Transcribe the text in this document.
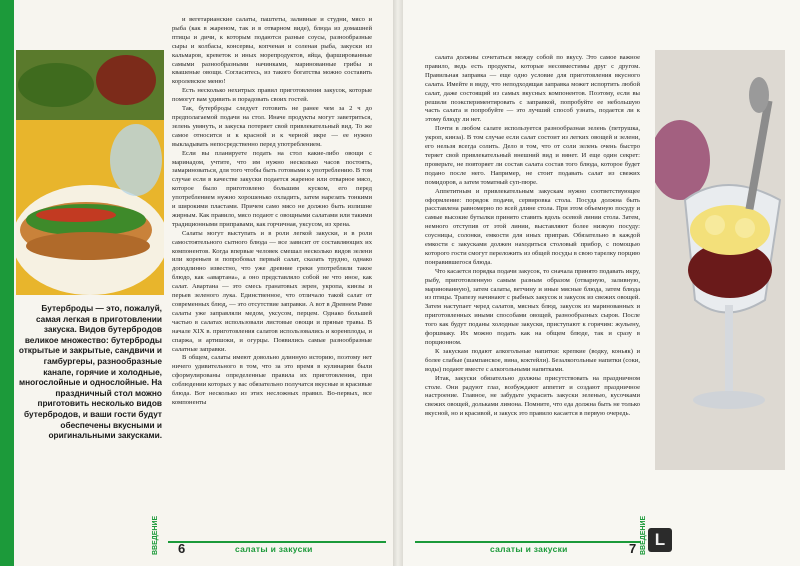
Бутерброды — это, пожалуй, самая легкая в приготовлении закуска. Видов бутербродов великое множество: бутерброды открытые и закрытые, сандвичи и гамбургеры, разнообразные канапе, горячие и холодные, многослойные и однослойные. На праздничный стол можно приготовить несколько видов бутербродов, и ваши гости будут обеспечены вкусными и оригинальными закусками.

и вегетарианские салаты, паштеты, заливные и студни, мясо и рыба (как в жареном, так и в отварном виде), блюда из домашней птицы и дичи, к которым подаются разные соусы, разнообразные сыры и колбасы, консервы, копченая и соленая рыба, закуски из кальмаров, креветок и иных морепродуктов, яйца, фаршированные самыми разнообразными начинками, маринованные грибы и квашеные овощи. Согласитесь, из такого богатства можно составить королевское меню!

Есть несколько нехитрых правил приготовления закусок, которые помогут вам удивить и порадовать своих гостей.

Так, бутерброды следует готовить не ранее чем за 2 ч до предполагаемой подачи на стол. Иначе продукты могут заветриться, зелень увянуть, и закуска потеряет свой привлекательный вид. То же самое относится и к красной и к черной икре — ее нужно выкладывать непосредственно перед употреблением.

Если вы планируете подать на стол какие-либо овощи с маринадом, учтите, что им нужно несколько часов постоять, замариноваться, для того чтобы быть готовыми к употреблению. В том случае если в качестве закуски подается жареное или отварное мясо, которое было приготовлено большим куском, его перед употреблением нужно хорошенько охладить, затем нарезать тонкими и широкими пластами. Причем само мясо не должно быть излишне жирным. Как правило, мясо подают с овощными салатами или такими традиционными приправами, как горчичная, уксусом, из хрена.

Салаты могут выступать и в роли легкой закуски, и в роли самостоятельного сытного блюда — все зависит от составляющих их компонентов. Когда впервые человек смешал несколько видов зелени или кореньев и попробовал первый салат, сказать трудно, однако доподлинно известно, что уже древние греки употребляли такое блюдо, как «авартана», а оно представляло собой не что иное, как салат. Авартана — это смесь гранатовых зерен, укропа, кинзы и перьев зеленого лука. Единственное, что отличало такой салат от современных блюд, — это отсутствие заправки. А вот в Древнем Риме салаты уже заправляли медом, уксусом, перцем. Однако большей частью в салатах использовали листовые овощи и пряные травы. В начале XIX в. приготовления салатов использовались и коренплоды, и спаржа, и артишоки, и огурцы. Появились самые разнообразные салатные заправки.

В общем, салаты имеют довольно длинную историю, поэтому нет ничего удивительного в том, что за это время в кулинарии были сформулированы определенные правила их приготовления, при соблюдении которых у вас обязательно получатся вкусные и красивые блюда. Вот несколько из этих несложных правил. Во-первых, все компоненты

6	салаты и закуски
ВВЕДЕНИЕ

салата должны сочетаться между собой по вкусу. Это самое важное правило, ведь есть продукты, которые несовместимы друг с другом. Правильная заправка — еще одно условие для приготовления вкусного салата. Имейте в виду, что неподходящая заправка может испортить любой салат, даже состоящий из самых вкусных компонентов. Поэтому, если вы решили поэкспериментировать с заправкой, попробуйте ее небольшую часть салата и попробуйте — это лучший способ узнать, подается ли к этому блюду ли нет.

Почти в любом салате используется разнообразная зелень (петрушка, укроп, кинза). В том случае если салат состоит из легких овощей и зелени, его нельзя всегда солить. Дело в том, что от соли зелень очень быстро теряет свой привлекательный внешний вид и вянет. И еще один секрет: проверьте, не повторяет ли состав салата состав того блюда, которое будет подано после него. Например, не стоит подавать салат из свежих помидоров, а затем томатный суп-пюре.

Аппетитным и привлекательным закускам нужно соответствующее оформление: порядок подачи, сервировка стола. Посуда должна быть расставлена равномерно по всей длине стола. При этом объемную посуду и самые высокие бутылки принято ставить вдоль осевой линии стола. Затем, немного отступив от этой линии, выставляют более низкую посуду: соусницы, солонки, емкости для иных приправ. Обязательно в каждой емкости с закусками должен находиться столовый прибор, с помощью которого гости смогут переложить из общей посуды в свою тарелку порцию понравившегося блюда.

Что касается порядка подачи закусок, то сначала принято подавать икру, рыбу, приготовленную самым разным образом (отварную, заливную, маринованную), затем салаты, ветчину и иные мясные блюда, затем блюда из птицы. Трапезу начинают с рыбных закусок и закусок из свежих овощей. Затем наступает черед салатов, мясных блюд, закусок из маринованных и приготовленных иными способами овощей, разнообразных сыров. После того как будут поданы холодные закуски, приступают к горячим: жульену, форшмаку. Их можно подать как на общем блюде, так и сразу в порционном.

К закускам подают алкогольные напитки: крепкие (водку, коньяк) и более слабые (шампанское, вина, коктейли). Безалкогольные напитки (соки, воды) подают вместе с алкогольными напитками.

Итак, закуски обязательно должны присутствовать на праздничном столе. Они радуют глаз, возбуждают аппетит и создают праздничное настроение. Главное, не забудьте украсить закуски зеленью, кусочками свежих овощей, дольками лимона. Помните, что еда должна быть не только вкусной, но и красивой, и закуск это правило касается в первую очередь.

салаты и закуски	7 ВВЕДЕНИЕ L
